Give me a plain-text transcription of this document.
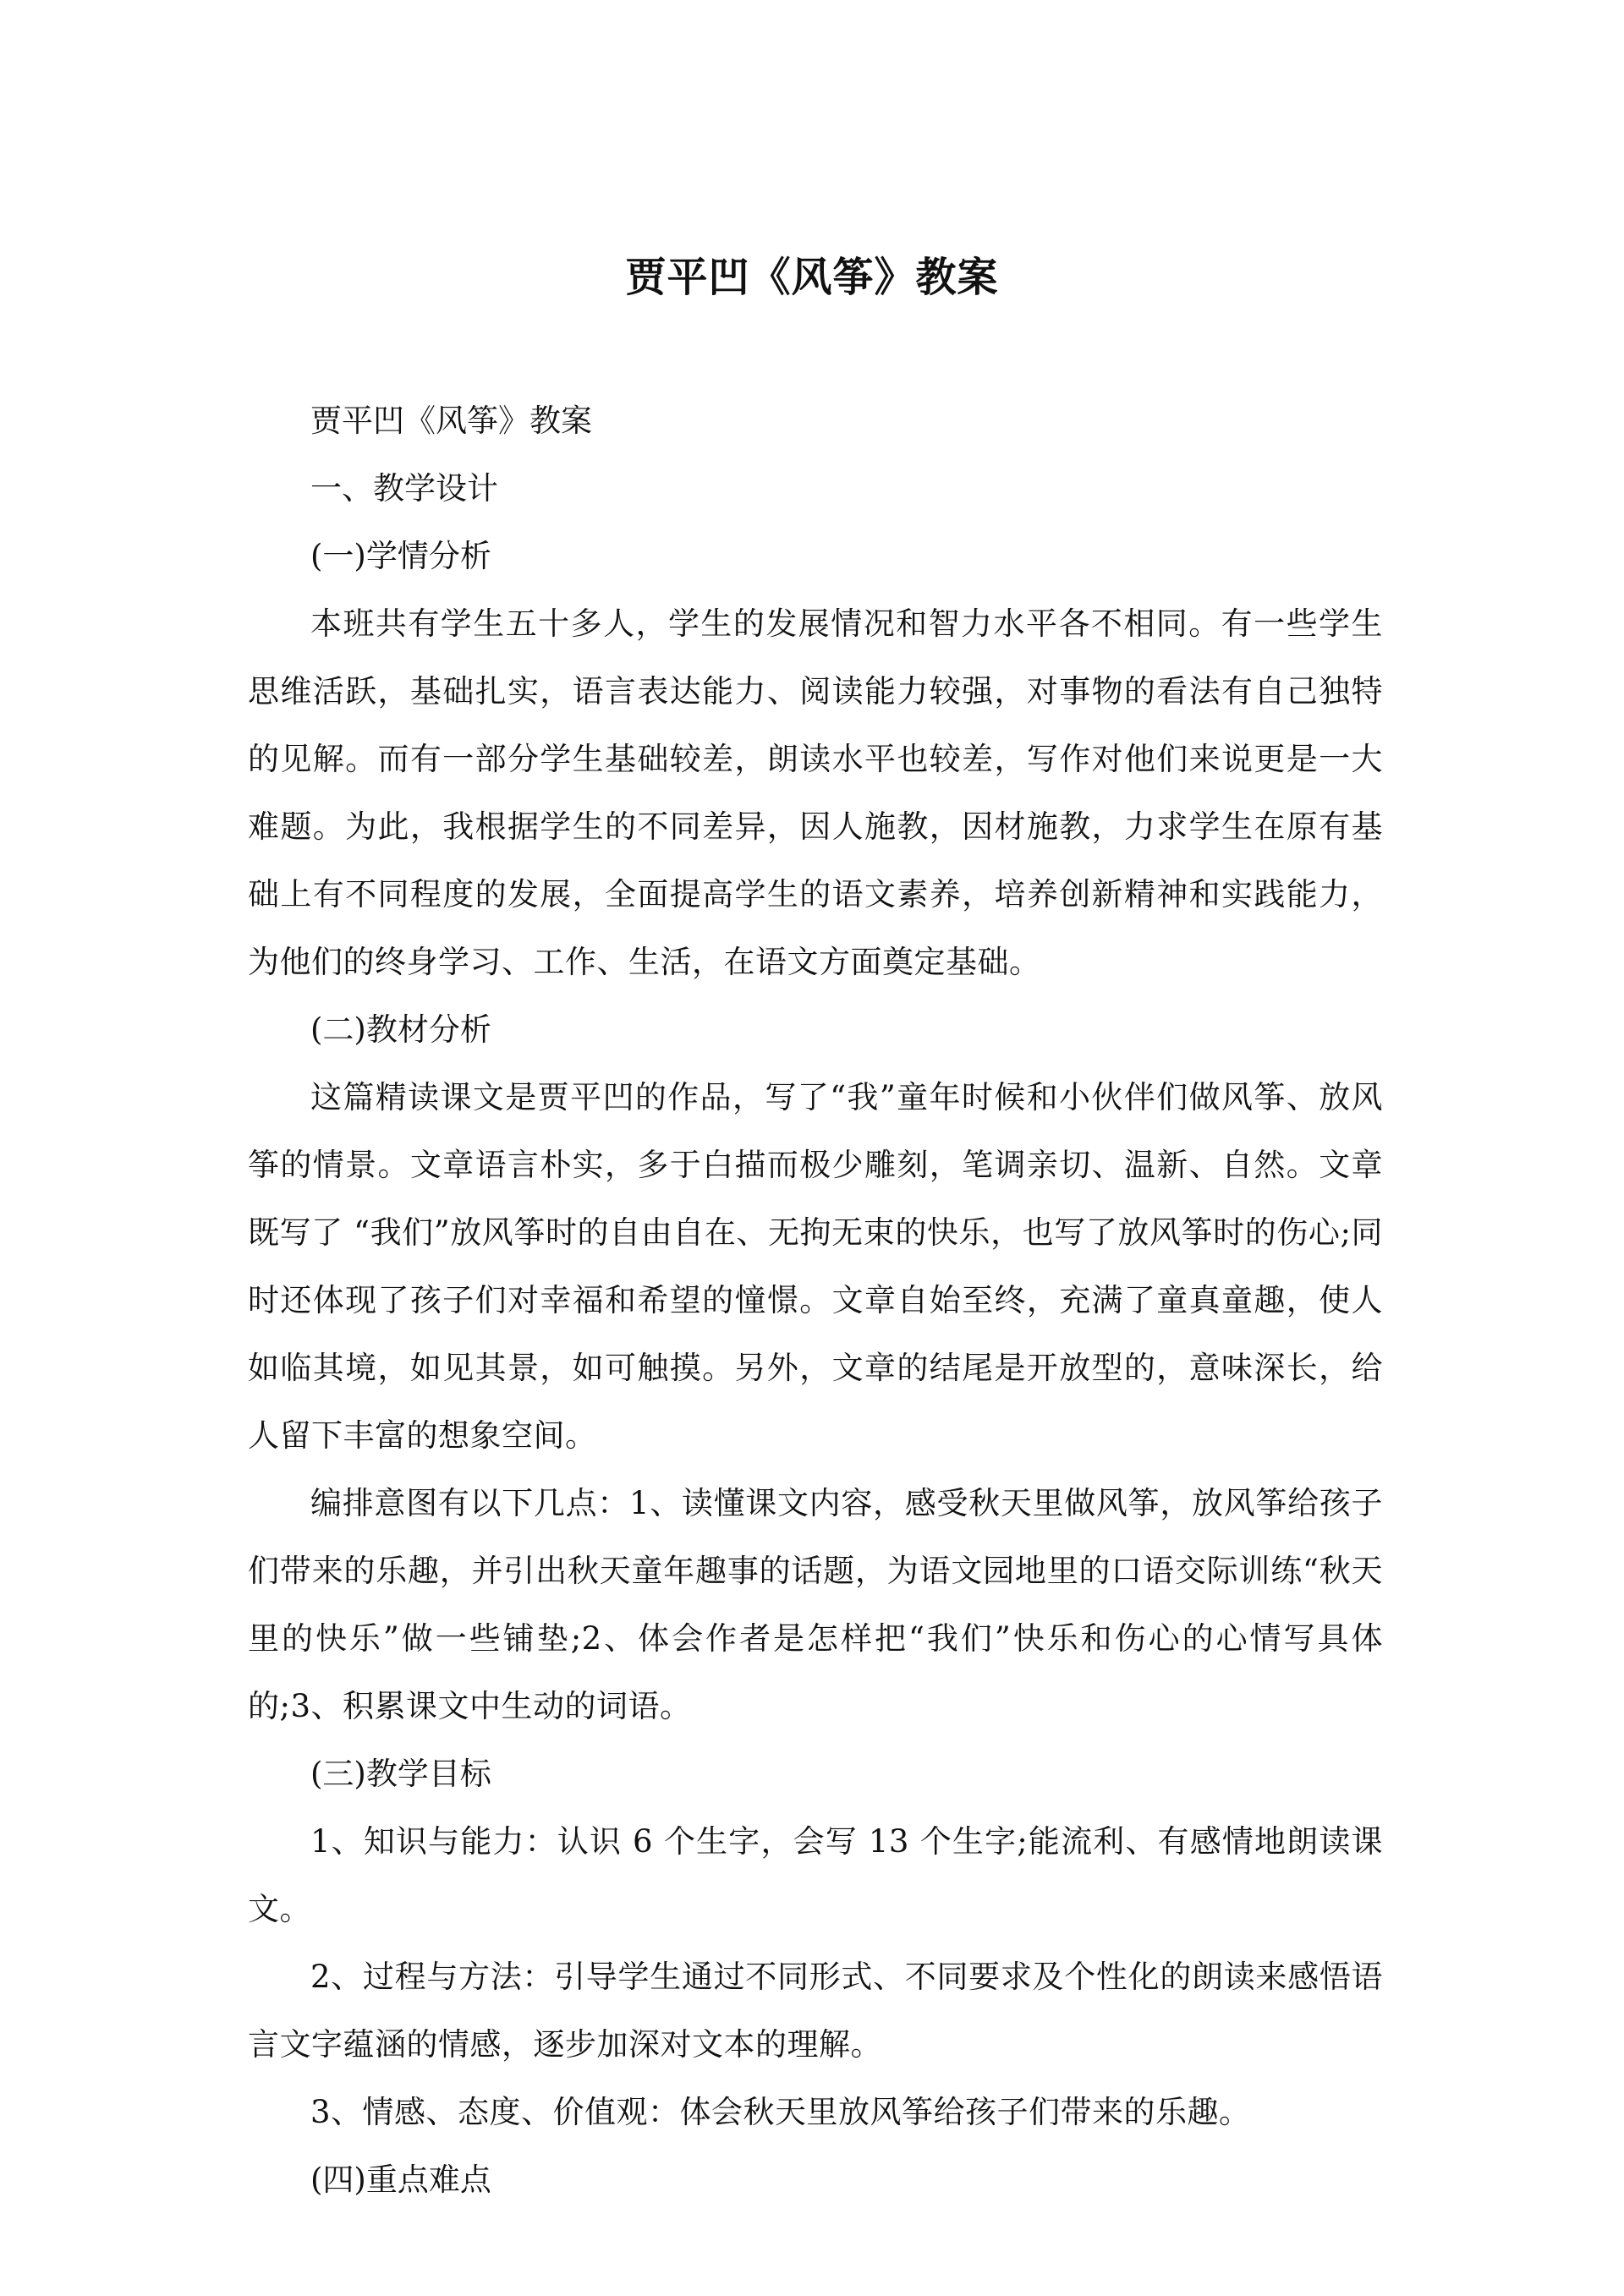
贾平凹《风筝》教案

贾平凹《风筝》教案

一、教学设计

(一)学情分析

本班共有学生五十多人，学生的发展情况和智力水平各不相同。有一些学生思维活跃，基础扎实，语言表达能力、阅读能力较强，对事物的看法有自己独特的见解。而有一部分学生基础较差，朗读水平也较差，写作对他们来说更是一大难题。为此，我根据学生的不同差异，因人施教，因材施教，力求学生在原有基础上有不同程度的发展，全面提高学生的语文素养，培养创新精神和实践能力，为他们的终身学习、工作、生活，在语文方面奠定基础。

(二)教材分析

这篇精读课文是贾平凹的作品，写了“我”童年时候和小伙伴们做风筝、放风筝的情景。文章语言朴实，多于白描而极少雕刻，笔调亲切、温新、自然。文章既写了 “我们”放风筝时的自由自在、无拘无束的快乐，也写了放风筝时的伤心;同时还体现了孩子们对幸福和希望的憧憬。文章自始至终，充满了童真童趣，使人如临其境，如见其景，如可触摸。另外，文章的结尾是开放型的，意味深长，给人留下丰富的想象空间。

编排意图有以下几点：1、读懂课文内容，感受秋天里做风筝，放风筝给孩子们带来的乐趣，并引出秋天童年趣事的话题，为语文园地里的口语交际训练“秋天里的快乐”做一些铺垫;2、体会作者是怎样把“我们”快乐和伤心的心情写具体的;3、积累课文中生动的词语。

(三)教学目标

1、知识与能力：认识 6 个生字，会写 13 个生字;能流利、有感情地朗读课文。

2、过程与方法：引导学生通过不同形式、不同要求及个性化的朗读来感悟语言文字蕴涵的情感，逐步加深对文本的理解。

3、情感、态度、价值观：体会秋天里放风筝给孩子们带来的乐趣。

(四)重点难点
